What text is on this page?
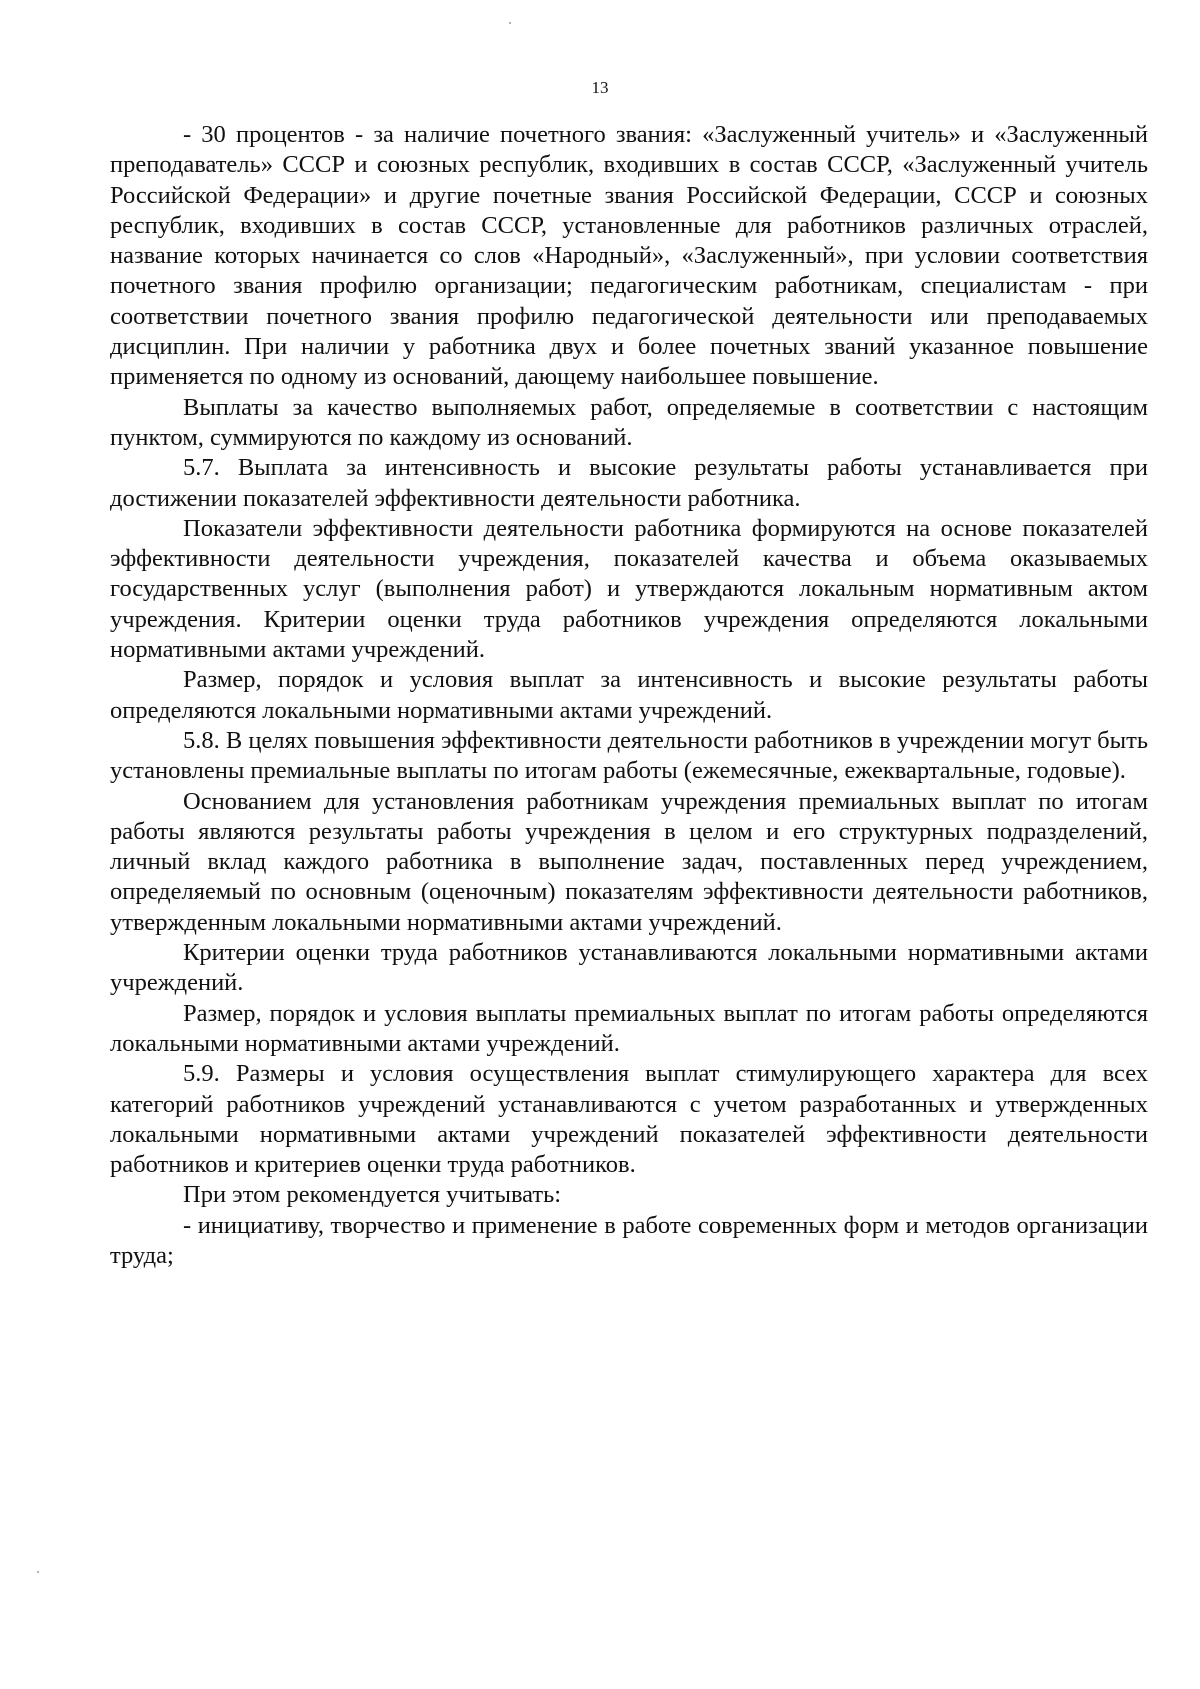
13

- 30 процентов - за наличие почетного звания: «Заслуженный учитель» и «Заслуженный преподаватель» СССР и союзных республик, входивших в состав СССР, «Заслуженный учитель Российской Федерации» и другие почетные звания Российской Федерации, СССР и союзных республик, входивших в состав СССР, установленные для работников различных отраслей, название которых начинается со слов «Народный», «Заслуженный», при условии соответствия почетного звания профилю организации; педагогическим работникам, специалистам - при соответствии почетного звания профилю педагогической деятельности или преподаваемых дисциплин. При наличии у работника двух и более почетных званий указанное повышение применяется по одному из оснований, дающему наибольшее повышение.

Выплаты за качество выполняемых работ, определяемые в соответствии с настоящим пунктом, суммируются по каждому из оснований.

5.7. Выплата за интенсивность и высокие результаты работы устанавливается при достижении показателей эффективности деятельности работника.

Показатели эффективности деятельности работника формируются на основе показателей эффективности деятельности учреждения, показателей качества и объема оказываемых государственных услуг (выполнения работ) и утверждаются локальным нормативным актом учреждения. Критерии оценки труда работников учреждения определяются локальными нормативными актами учреждений.

Размер, порядок и условия выплат за интенсивность и высокие результаты работы определяются локальными нормативными актами учреждений.

5.8. В целях повышения эффективности деятельности работников в учреждении могут быть установлены премиальные выплаты по итогам работы (ежемесячные, ежеквартальные, годовые).

Основанием для установления работникам учреждения премиальных выплат по итогам работы являются результаты работы учреждения в целом и его структурных подразделений, личный вклад каждого работника в выполнение задач, поставленных перед учреждением, определяемый по основным (оценочным) показателям эффективности деятельности работников, утвержденным локальными нормативными актами учреждений.

Критерии оценки труда работников устанавливаются локальными нормативными актами учреждений.

Размер, порядок и условия выплаты премиальных выплат по итогам работы определяются локальными нормативными актами учреждений.

5.9. Размеры и условия осуществления выплат стимулирующего характера для всех категорий работников учреждений устанавливаются с учетом разработанных и утвержденных локальными нормативными актами учреждений показателей эффективности деятельности работников и критериев оценки труда работников.

При этом рекомендуется учитывать:

- инициативу, творчество и применение в работе современных форм и методов организации труда;
